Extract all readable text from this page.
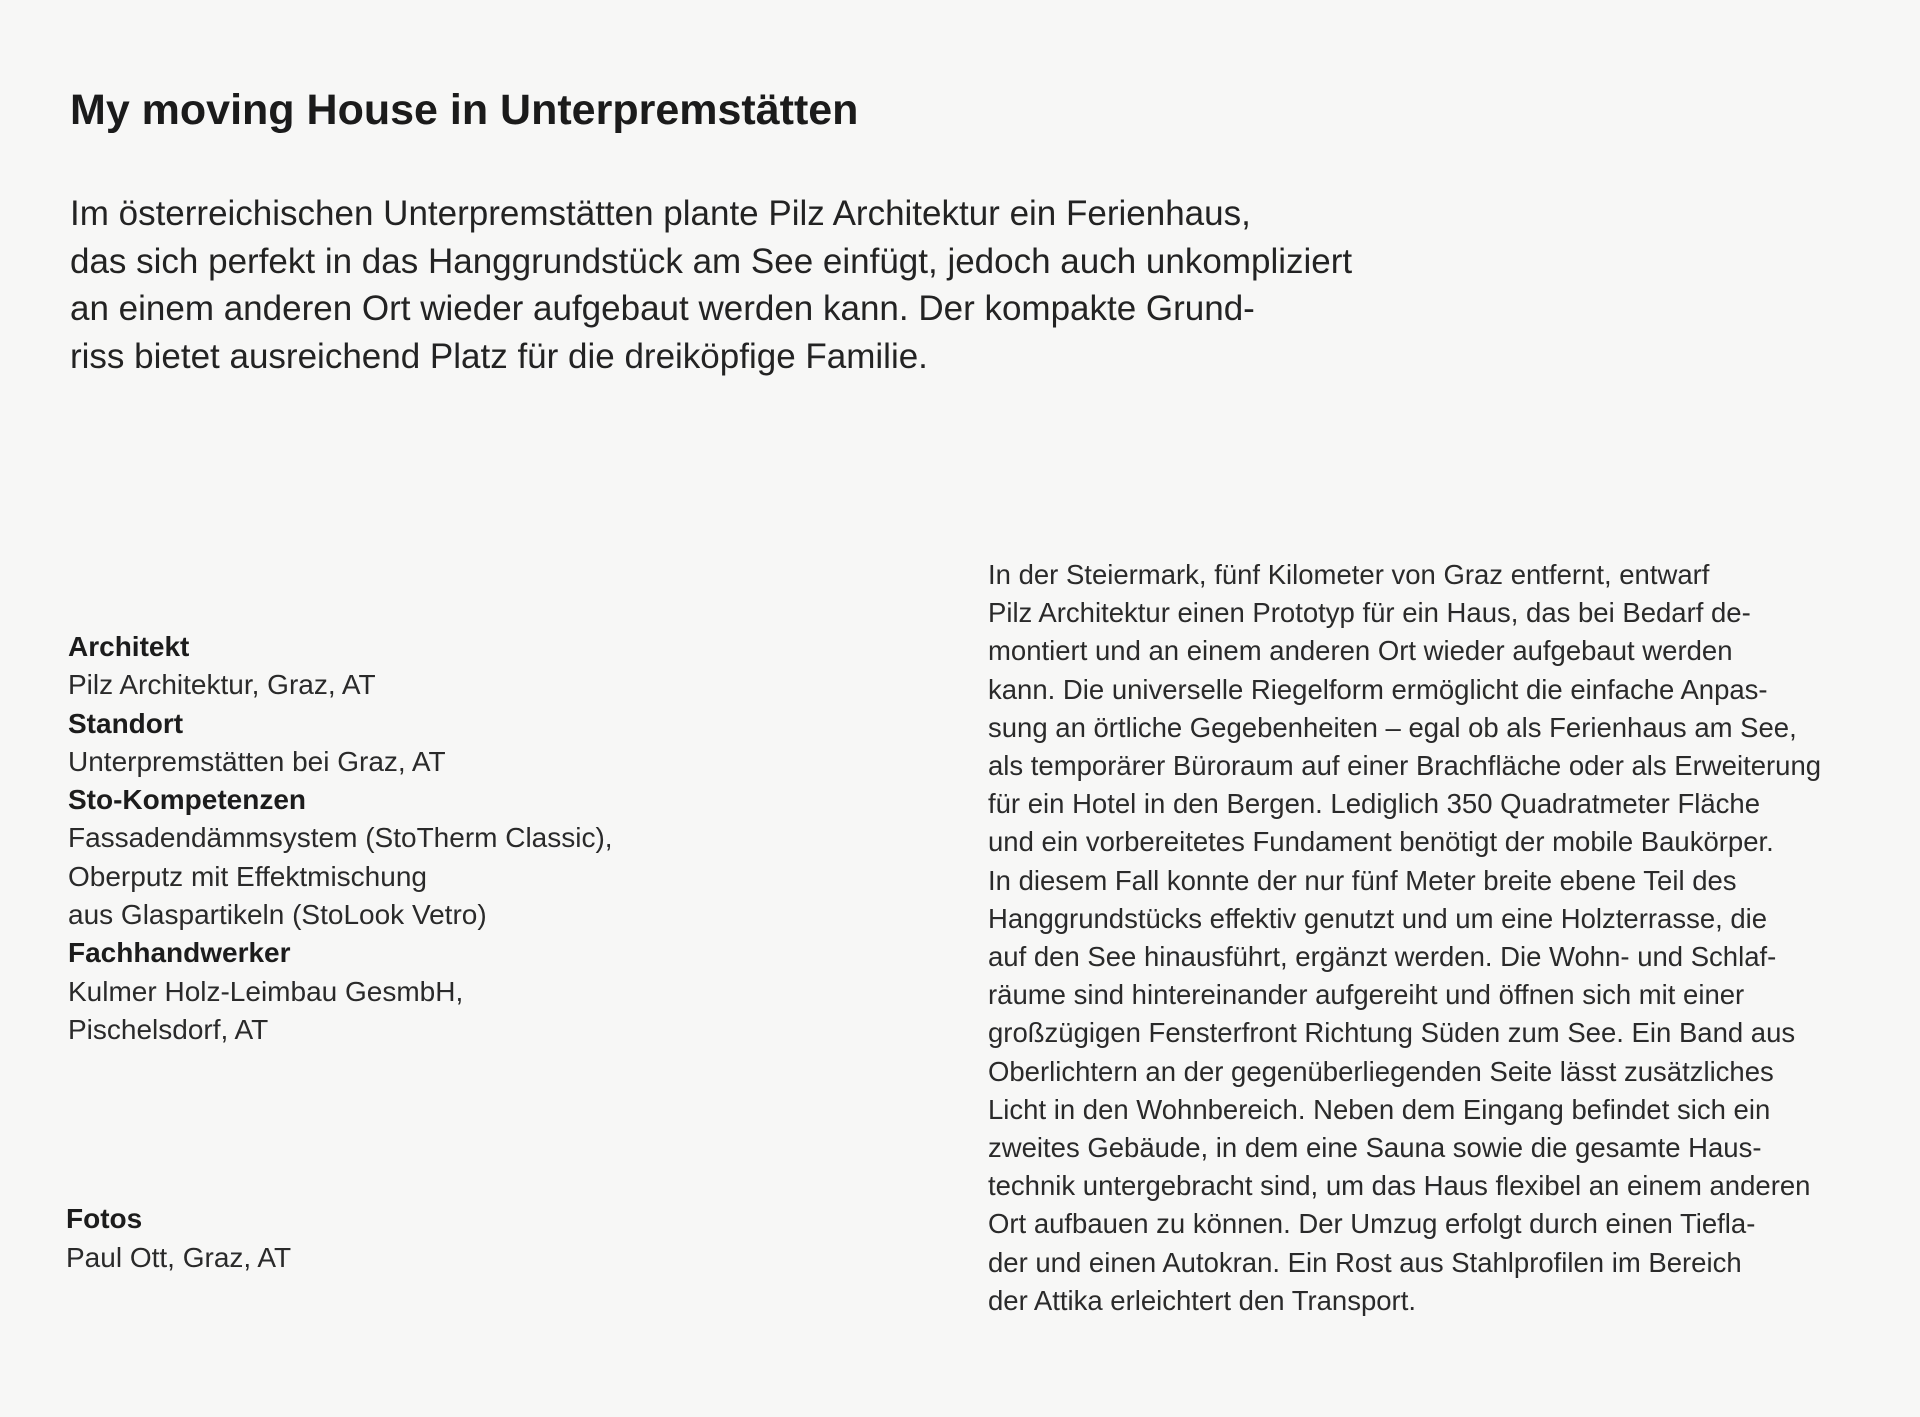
My moving House in Unterpremstätten
Im österreichischen Unterpremstätten plante Pilz Architektur ein Ferienhaus,
das sich perfekt in das Hanggrundstück am See einfügt, jedoch auch unkompliziert
an einem anderen Ort wieder aufgebaut werden kann. Der kompakte Grund-
riss bietet ausreichend Platz für die dreiköpfige Familie.
Architekt
Pilz Architektur, Graz, AT
Standort
Unterpremstätten bei Graz, AT
Sto-Kompetenzen
Fassadendämmsystem (StoTherm Classic),
Oberputz mit Effektmischung
aus Glaspartikeln (StoLook Vetro)
Fachhandwerker
Kulmer Holz-Leimbau GesmbH,
Pischelsdorf, AT
Fotos
Paul Ott, Graz, AT
In der Steiermark, fünf Kilometer von Graz entfernt, entwarf
Pilz Architektur einen Prototyp für ein Haus, das bei Bedarf de-
montiert und an einem anderen Ort wieder aufgebaut werden
kann. Die universelle Riegelform ermöglicht die einfache Anpas-
sung an örtliche Gegebenheiten – egal ob als Ferienhaus am See,
als temporärer Büroraum auf einer Brachfläche oder als Erweiterung
für ein Hotel in den Bergen. Lediglich 350 Quadratmeter Fläche
und ein vorbereitetes Fundament benötigt der mobile Baukörper.
In diesem Fall konnte der nur fünf Meter breite ebene Teil des
Hanggrundstücks effektiv genutzt und um eine Holzterrasse, die
auf den See hinausführt, ergänzt werden. Die Wohn- und Schlaf-
räume sind hintereinander aufgereiht und öffnen sich mit einer
großzügigen Fensterfront Richtung Süden zum See. Ein Band aus
Oberlichtern an der gegenüberliegenden Seite lässt zusätzliches
Licht in den Wohnbereich. Neben dem Eingang befindet sich ein
zweites Gebäude, in dem eine Sauna sowie die gesamte Haus-
technik untergebracht sind, um das Haus flexibel an einem anderen
Ort aufbauen zu können. Der Umzug erfolgt durch einen Tiefla-
der und einen Autokran. Ein Rost aus Stahlprofilen im Bereich
der Attika erleichtert den Transport.
